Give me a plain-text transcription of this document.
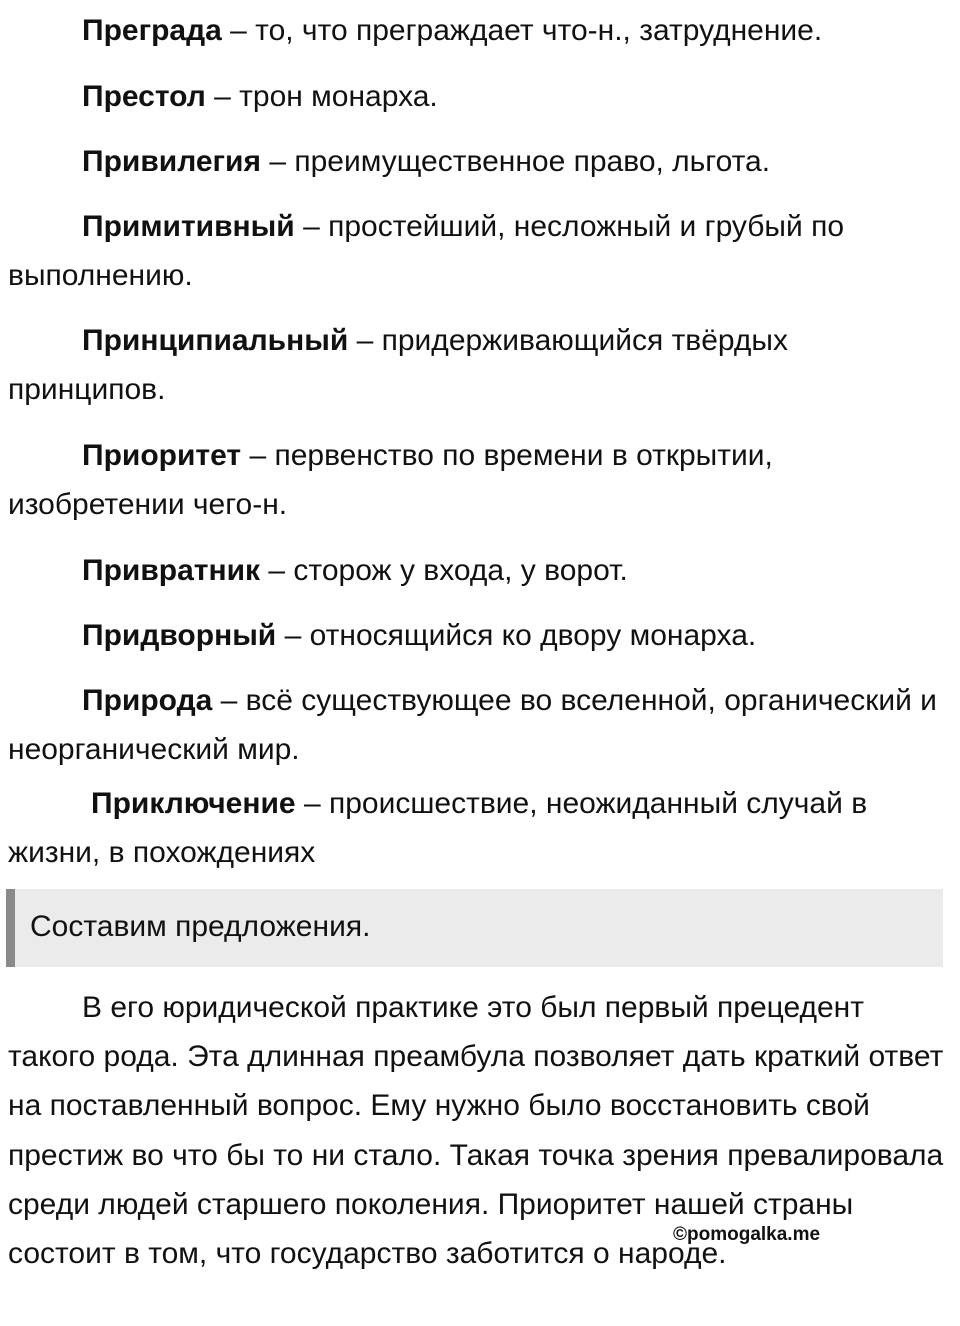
Преграда – то, что преграждает что-н., затруднение.

Престол – трон монарха.

Привилегия – преимущественное право, льгота.

Примитивный – простейший, несложный и грубый по выполнению.

Принципиальный – придерживающийся твёрдых принципов.

Приоритет – первенство по времени в открытии, изобретении чего-н.

Привратник – сторож у входа, у ворот.

Придворный – относящийся ко двору монарха.

Природа – всё существующее во вселенной, органический и неорганический мир.

Приключение – происшествие, неожиданный случай в жизни, в похождениях

Составим предложения.

В его юридической практике это был первый прецедент такого рода. Эта длинная преамбула позволяет дать краткий ответ на поставленный вопрос. Ему нужно было восстановить свой престиж во что бы то ни стало. Такая точка зрения превалировала среди людей старшего поколения. Приоритет нашей страны состоит в том, что государство заботится о народе.

©pomogalka.me
